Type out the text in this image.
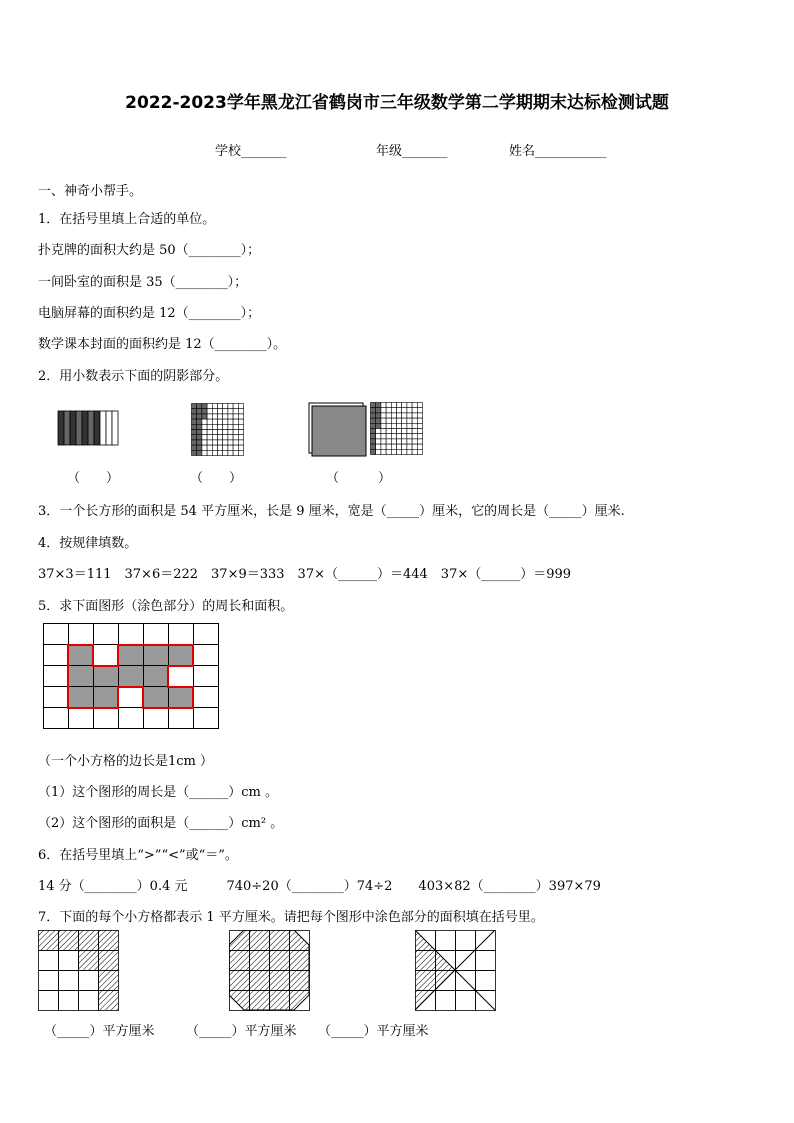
2022-2023学年黑龙江省鹤岗市三年级数学第二学期期末达标检测试题
学校_______	年级_______	姓名___________
一、神奇小帮手。
1．在括号里填上合适的单位。
扑克牌的面积大约是 50（________）；
一间卧室的面积是 35（________）；
电脑屏幕的面积约是 12（________）；
数学课本封面的面积约是 12（________）。
2．用小数表示下面的阴影部分。
（　　）	（　　）	（　　　）
3．一个长方形的面积是 54 平方厘米，长是 9 厘米，宽是（_____）厘米，它的周长是（_____）厘米.
4．按规律填数。
37×3＝111　37×6＝222　37×9＝333　37×（______）＝444　37×（______）＝999
5．求下面图形（涂色部分）的周长和面积。
（一个小方格的边长是1cm ）
（1）这个图形的周长是（______）cm 。
（2）这个图形的面积是（______）cm² 。
6．在括号里填上“>”“<”或“＝”。
14 分（________）0.4 元　　　740÷20（________）74÷2　　403×82（________）397×79
7．下面的每个小方格都表示 1 平方厘米。请把每个图形中涂色部分的面积填在括号里。
（_____）平方厘米 （_____）平方厘米 （_____）平方厘米
